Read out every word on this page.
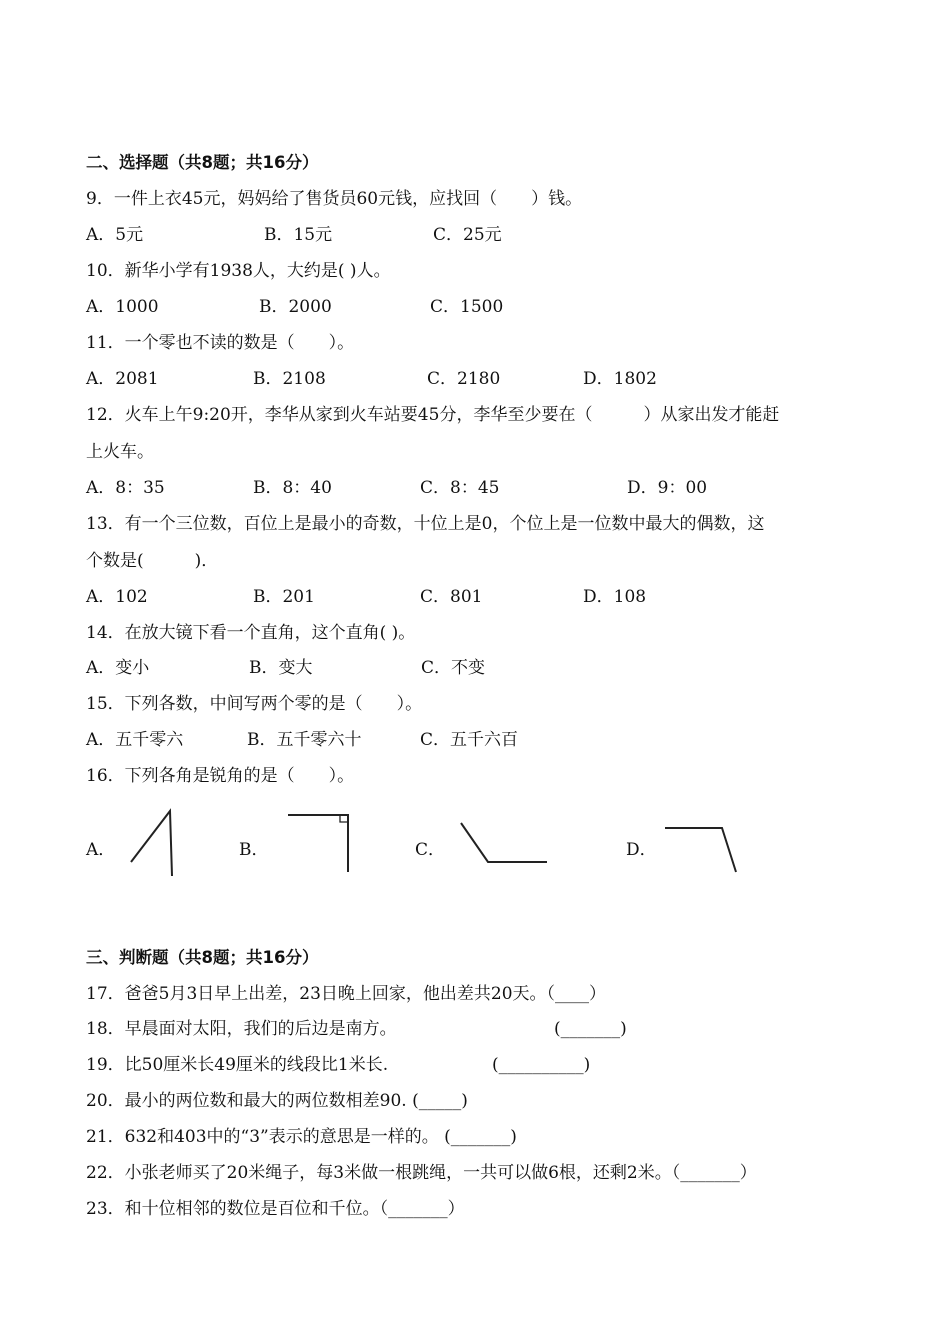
二、选择题（共8题；共16分）
9．一件上衣45元，妈妈给了售货员60元钱，应找回（　　）钱。
A．5元	B．15元	C．25元
10．新华小学有1938人，大约是( )人。
A．1000	B．2000	C．1500
11．一个零也不读的数是（　　）。
A．2081	B．2108	C．2180	D．1802
12．火车上午9:20开，李华从家到火车站要45分，李华至少要在（　　　）从家出发才能赶
上火车。
A．8：35	B．8：40	C．8：45	D．9：00
13．有一个三位数，百位上是最小的奇数，十位上是0，个位上是一位数中最大的偶数，这
个数是(　　　)．
A．102	B．201	C．801	D．108
14．在放大镜下看一个直角，这个直角( )。
A．变小	B．变大	C．不变
15．下列各数，中间写两个零的是（　　）。
A．五千零六	B．五千零六十	C．五千六百
16．下列各角是锐角的是（　　）。
A．	B．	C．	D．
三、判断题（共8题；共16分）
17．爸爸5月3日早上出差，23日晚上回家，他出差共20天。（____）
18．早晨面对太阳，我们的后边是南方。	(_______)
19．比50厘米长49厘米的线段比1米长.	(__________)
20．最小的两位数和最大的两位数相差90. (_____)
21．632和403中的“3”表示的意思是一样的。 (_______)
22．小张老师买了20米绳子，每3米做一根跳绳，一共可以做6根，还剩2米。（_______）
23．和十位相邻的数位是百位和千位。（_______）
